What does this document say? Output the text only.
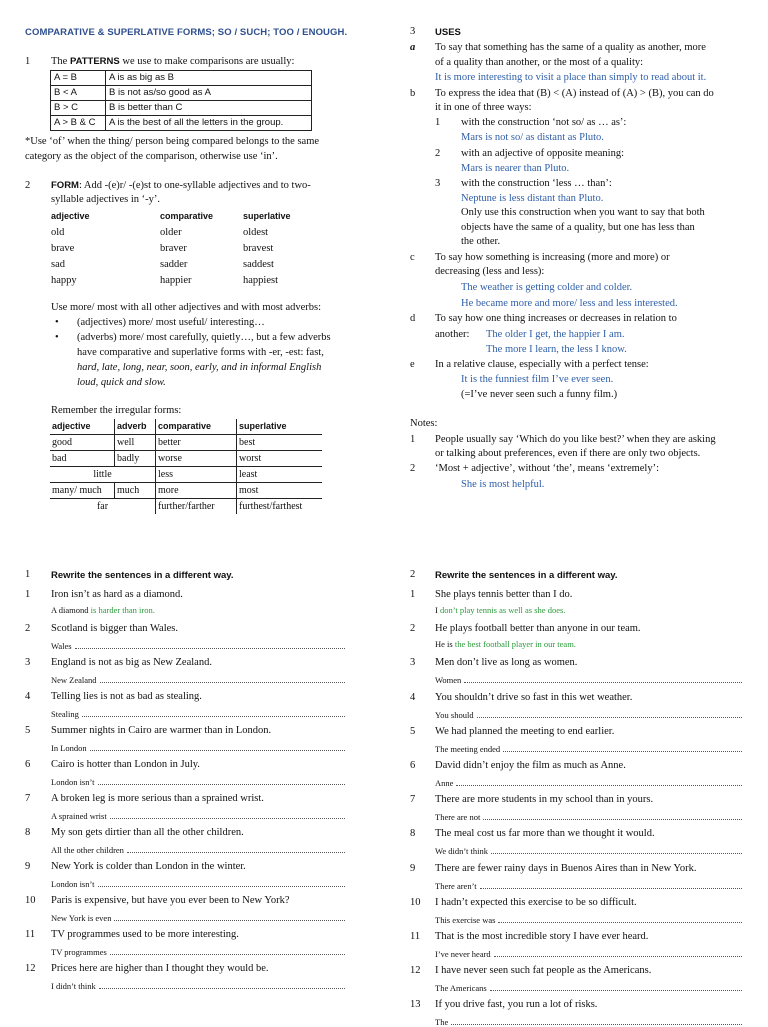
COMPARATIVE & SUPERLATIVE FORMS; SO / SUCH; TOO / ENOUGH.
1 The PATTERNS we use to make comparisons are usually:
A = B	A is as big as B
B < A	B is not as/so good as A
B > C	B is better than C
A > B & C	A is the best of all the letters in the group.
*Use ‘of’ when the thing/ person being compared belongs to the same
category as the object of the comparison, otherwise use ‘in’.
2 FORM: Add -(e)r/ -(e)st to one-syllable adjectives and to two-
syllable adjectives in ‘-y’.
adjective	comparative	superlative
old	older	oldest
brave	braver	bravest
sad	sadder	saddest
happy	happier	happiest
Use more/ most with all other adjectives and with most adverbs:
• (adjectives) more/ most useful/ interesting…
• (adverbs) more/ most carefully, quietly…, but a few adverbs
have comparative and superlative forms with -er, -est: fast,
hard, late, long, near, soon, early, and in informal English
loud, quick and slow.
Remember the irregular forms:
adjective	adverb	comparative	superlative
good	well	better	best
bad	badly	worse	worst
little		less	least
many/ much	much	more	most
far		further/farther	furthest/farthest
3 USES
a To say that something has the same of a quality as another, more
of a quality than another, or the most of a quality:
It is more interesting to visit a place than simply to read about it.
b To express the idea that (B) < (A) instead of (A) > (B), you can do
it in one of three ways:
1 with the construction ‘not so/ as … as’:
Mars is not so/ as distant as Pluto.
2 with an adjective of opposite meaning:
Mars is nearer than Pluto.
3 with the construction ‘less … than’:
Neptune is less distant than Pluto.
Only use this construction when you want to say that both
objects have the same of a quality, but one has less than
the other.
c To say how something is increasing (more and more) or
decreasing (less and less):
The weather is getting colder and colder.
He became more and more/ less and less interested.
d To say how one thing increases or decreases in relation to
another: The older I get, the happier I am.
The more I learn, the less I know.
e In a relative clause, especially with a perfect tense:
It is the funniest film I’ve ever seen.
(=I’ve never seen such a funny film.)
Notes:
1 People usually say ‘Which do you like best?’ when they are asking
or talking about preferences, even if there are only two objects.
2 ‘Most + adjective’, without ‘the’, means ‘extremely’:
She is most helpful.
1 Rewrite the sentences in a different way.
1	Iron isn’t as hard as a diamond.
A diamond is harder than iron.
2	Scotland is bigger than Wales.
Wales
3	England is not as big as New Zealand.
New Zealand
4	Telling lies is not as bad as stealing.
Stealing
5	Summer nights in Cairo are warmer than in London.
In London
6	Cairo is hotter than London in July.
London isn’t
7	A broken leg is more serious than a sprained wrist.
A sprained wrist
8	My son gets dirtier than all the other children.
All the other children
9	New York is colder than London in the winter.
London isn’t
10	Paris is expensive, but have you ever been to New York?
New York is even
11	TV programmes used to be more interesting.
TV programmes
12	Prices here are higher than I thought they would be.
I didn’t think
2 Rewrite the sentences in a different way.
1	She plays tennis better than I do.
I don’t play tennis as well as she does.
2	He plays football better than anyone in our team.
He is the best football player in our team.
3	Men don’t live as long as women.
Women
4	You shouldn’t drive so fast in this wet weather.
You should
5	We had planned the meeting to end earlier.
The meeting ended
6	David didn’t enjoy the film as much as Anne.
Anne
7	There are more students in my school than in yours.
There are not
8	The meal cost us far more than we thought it would.
We didn’t think
9	There are fewer rainy days in Buenos Aires than in New York.
There aren’t
10	I hadn’t expected this exercise to be so difficult.
This exercise was
11	That is the most incredible story I have ever heard.
I’ve never heard
12	I have never seen such fat people as the Americans.
The Americans
13	If you drive fast, you run a lot of risks.
The
